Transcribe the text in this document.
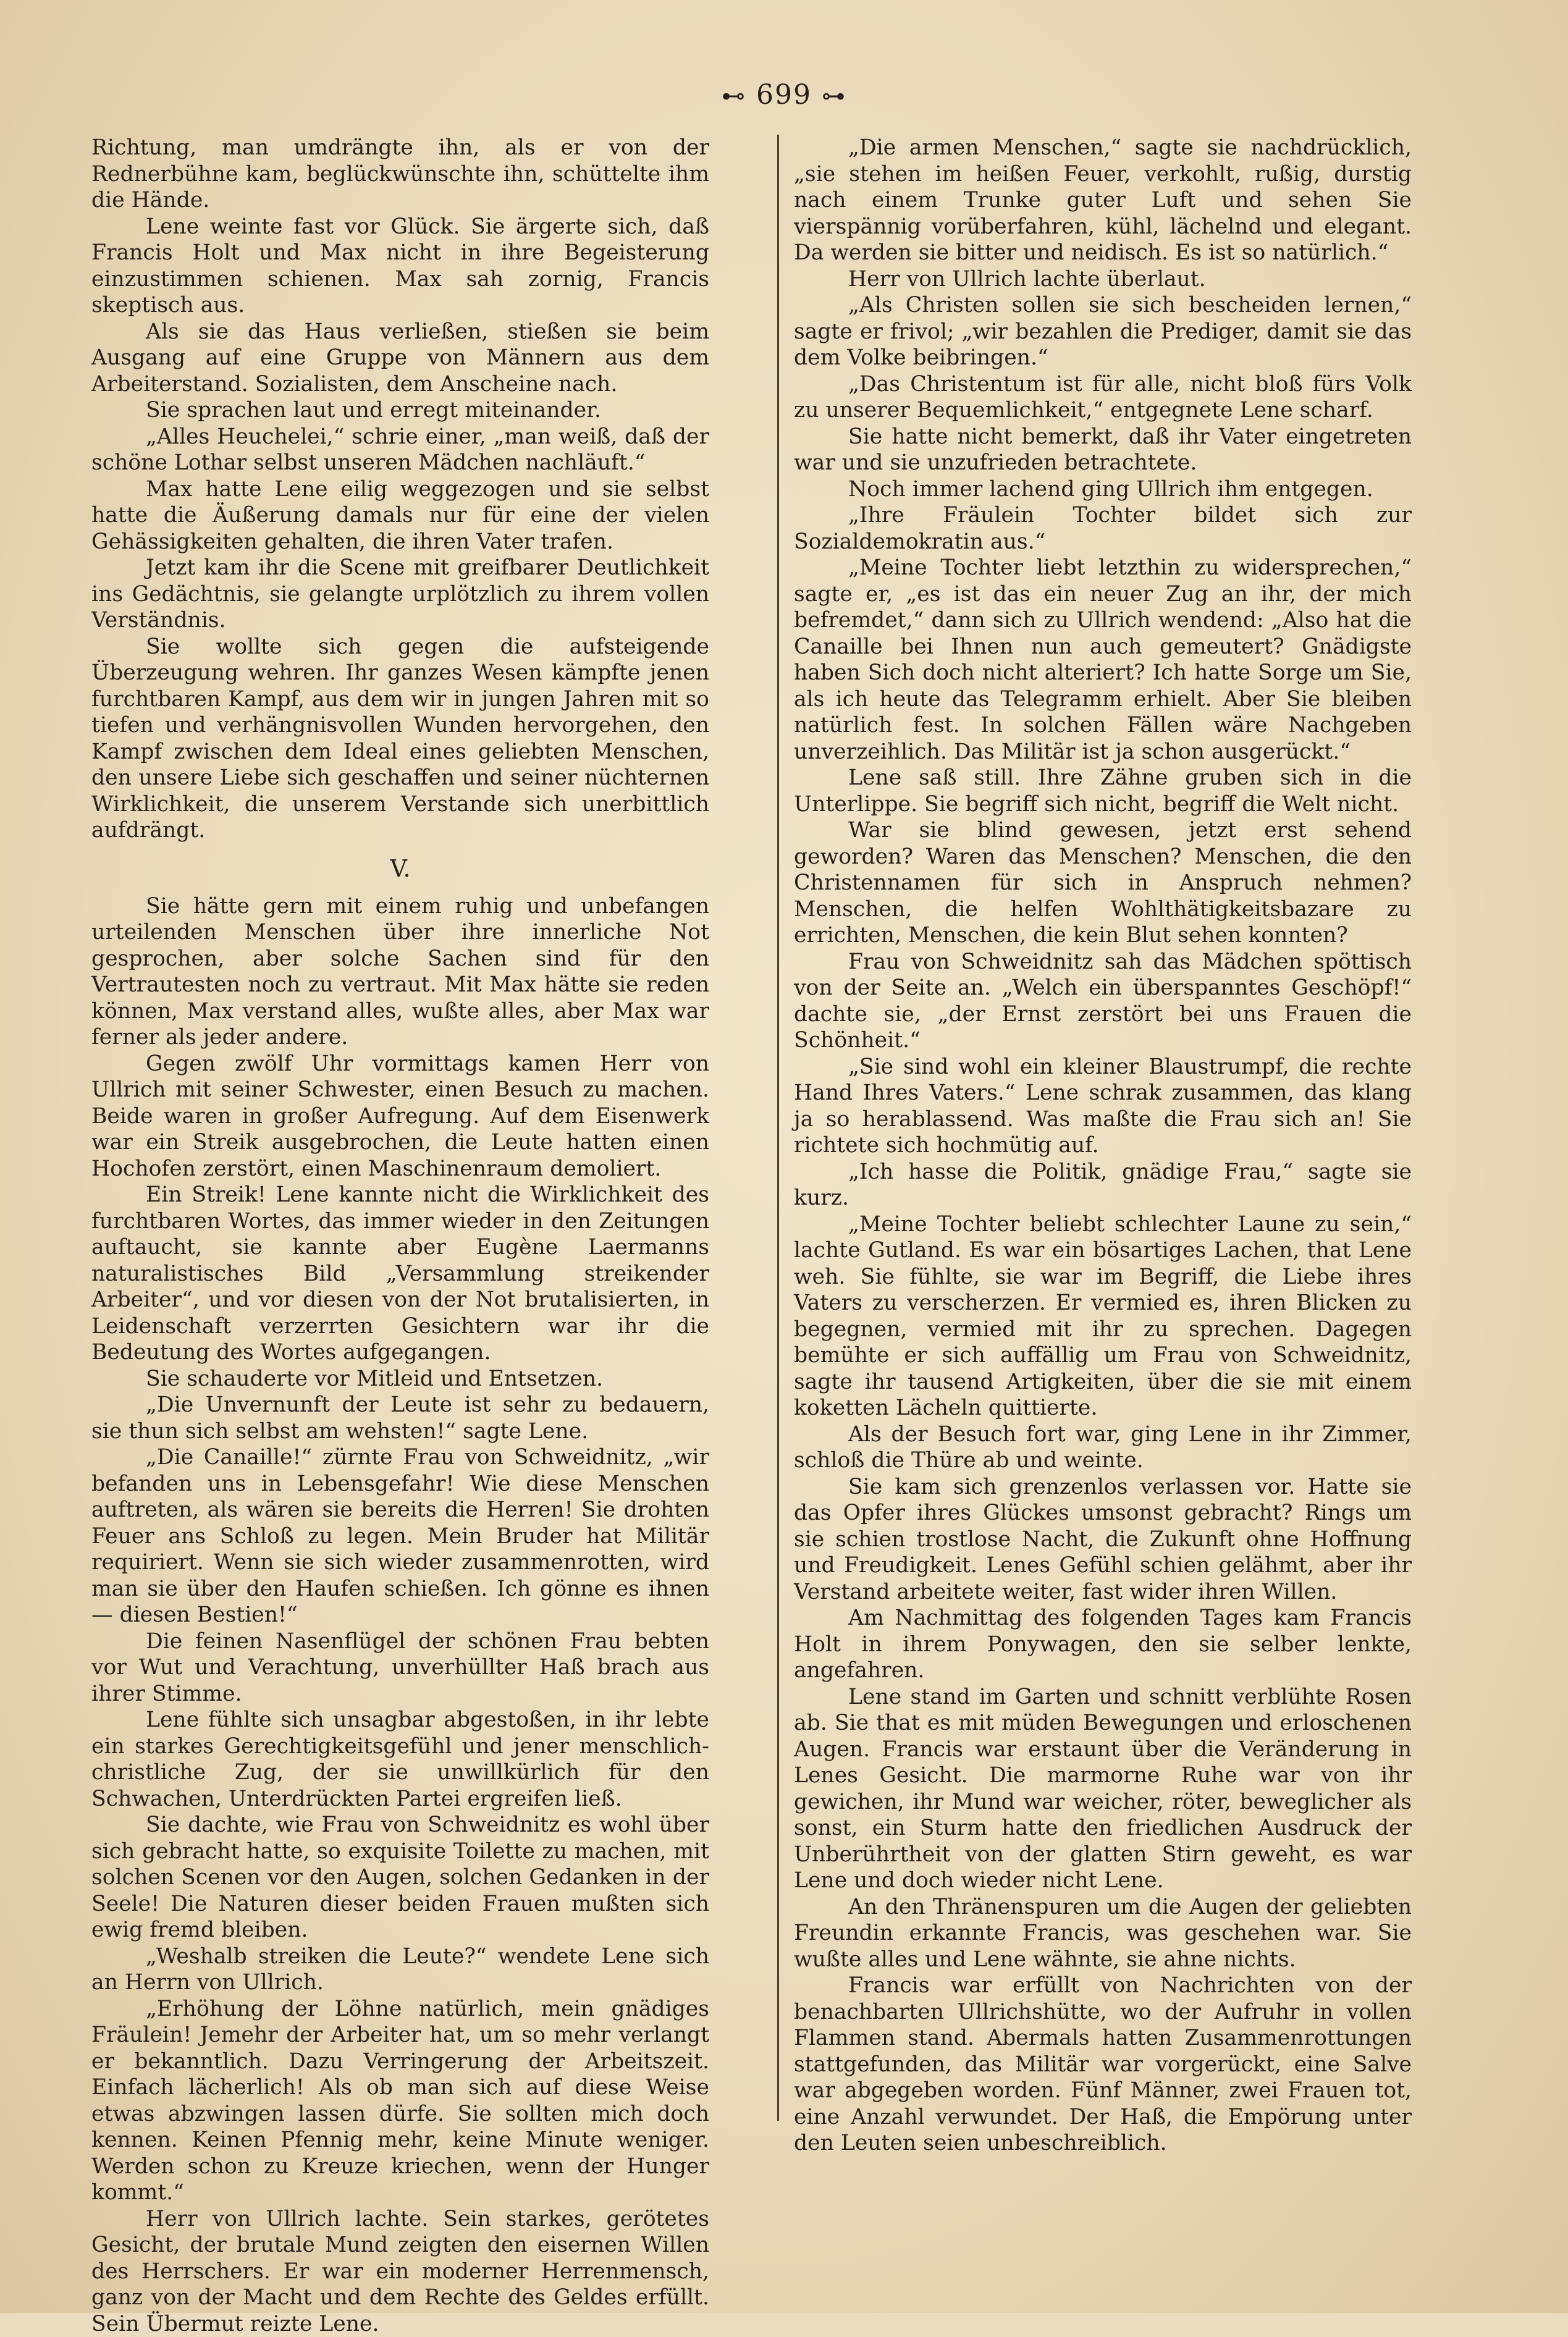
⊷ 699 ⊶

Richtung, man umdrängte ihn, als er von der Rednerbühne kam, beglückwünschte ihn, schüttelte ihm die Hände.

Lene weinte fast vor Glück. Sie ärgerte sich, daß Francis Holt und Max nicht in ihre Begeisterung einzustimmen schienen. Max sah zornig, Francis skeptisch aus.

Als sie das Haus verließen, stießen sie beim Ausgang auf eine Gruppe von Männern aus dem Arbeiterstand. Sozialisten, dem Anscheine nach.

Sie sprachen laut und erregt miteinander.

„Alles Heuchelei,“ schrie einer, „man weiß, daß der schöne Lothar selbst unseren Mädchen nachläuft.“

Max hatte Lene eilig weggezogen und sie selbst hatte die Äußerung damals nur für eine der vielen Gehässigkeiten gehalten, die ihren Vater trafen.

Jetzt kam ihr die Scene mit greifbarer Deutlichkeit ins Gedächtnis, sie gelangte urplötzlich zu ihrem vollen Verständnis.

Sie wollte sich gegen die aufsteigende Überzeugung wehren. Ihr ganzes Wesen kämpfte jenen furchtbaren Kampf, aus dem wir in jungen Jahren mit so tiefen und verhängnisvollen Wunden hervorgehen, den Kampf zwischen dem Ideal eines geliebten Menschen, den unsere Liebe sich geschaffen und seiner nüchternen Wirklichkeit, die unserem Verstande sich unerbittlich aufdrängt.

V.

Sie hätte gern mit einem ruhig und unbefangen urteilenden Menschen über ihre innerliche Not gesprochen, aber solche Sachen sind für den Vertrautesten noch zu vertraut. Mit Max hätte sie reden können, Max verstand alles, wußte alles, aber Max war ferner als jeder andere.

Gegen zwölf Uhr vormittags kamen Herr von Ullrich mit seiner Schwester, einen Besuch zu machen. Beide waren in großer Aufregung. Auf dem Eisenwerk war ein Streik ausgebrochen, die Leute hatten einen Hochofen zerstört, einen Maschinenraum demoliert.

Ein Streik! Lene kannte nicht die Wirklichkeit des furchtbaren Wortes, das immer wieder in den Zeitungen auftaucht, sie kannte aber Eugène Laermanns naturalistisches Bild „Versammlung streikender Arbeiter“, und vor diesen von der Not brutalisierten, in Leidenschaft verzerrten Gesichtern war ihr die Bedeutung des Wortes aufgegangen.

Sie schauderte vor Mitleid und Entsetzen.

„Die Unvernunft der Leute ist sehr zu bedauern, sie thun sich selbst am wehsten!“ sagte Lene.

„Die Canaille!“ zürnte Frau von Schweidnitz, „wir befanden uns in Lebensgefahr! Wie diese Menschen auftreten, als wären sie bereits die Herren! Sie drohten Feuer ans Schloß zu legen. Mein Bruder hat Militär requiriert. Wenn sie sich wieder zusammenrotten, wird man sie über den Haufen schießen. Ich gönne es ihnen — diesen Bestien!“

Die feinen Nasenflügel der schönen Frau bebten vor Wut und Verachtung, unverhüllter Haß brach aus ihrer Stimme.

Lene fühlte sich unsagbar abgestoßen, in ihr lebte ein starkes Gerechtigkeitsgefühl und jener menschlich-christliche Zug, der sie unwillkürlich für den Schwachen, Unterdrückten Partei ergreifen ließ.

Sie dachte, wie Frau von Schweidnitz es wohl über sich gebracht hatte, so exquisite Toilette zu machen, mit solchen Scenen vor den Augen, solchen Gedanken in der Seele! Die Naturen dieser beiden Frauen mußten sich ewig fremd bleiben.

„Weshalb streiken die Leute?“ wendete Lene sich an Herrn von Ullrich.

„Erhöhung der Löhne natürlich, mein gnädiges Fräulein! Jemehr der Arbeiter hat, um so mehr verlangt er bekanntlich. Dazu Verringerung der Arbeitszeit. Einfach lächerlich! Als ob man sich auf diese Weise etwas abzwingen lassen dürfe. Sie sollten mich doch kennen. Keinen Pfennig mehr, keine Minute weniger. Werden schon zu Kreuze kriechen, wenn der Hunger kommt.“

Herr von Ullrich lachte. Sein starkes, gerötetes Gesicht, der brutale Mund zeigten den eisernen Willen des Herrschers. Er war ein moderner Herrenmensch, ganz von der Macht und dem Rechte des Geldes erfüllt. Sein Übermut reizte Lene.

„Die armen Menschen,“ sagte sie nachdrücklich, „sie stehen im heißen Feuer, verkohlt, rußig, durstig nach einem Trunke guter Luft und sehen Sie vierspännig vorüberfahren, kühl, lächelnd und elegant. Da werden sie bitter und neidisch. Es ist so natürlich.“

Herr von Ullrich lachte überlaut.

„Als Christen sollen sie sich bescheiden lernen,“ sagte er frivol; „wir bezahlen die Prediger, damit sie das dem Volke beibringen.“

„Das Christentum ist für alle, nicht bloß fürs Volk zu unserer Bequemlichkeit,“ entgegnete Lene scharf.

Sie hatte nicht bemerkt, daß ihr Vater eingetreten war und sie unzufrieden betrachtete.

Noch immer lachend ging Ullrich ihm entgegen.

„Ihre Fräulein Tochter bildet sich zur Sozialdemokratin aus.“

„Meine Tochter liebt letzthin zu widersprechen,“ sagte er, „es ist das ein neuer Zug an ihr, der mich befremdet,“ dann sich zu Ullrich wendend: „Also hat die Canaille bei Ihnen nun auch gemeutert? Gnädigste haben Sich doch nicht alteriert? Ich hatte Sorge um Sie, als ich heute das Telegramm erhielt. Aber Sie bleiben natürlich fest. In solchen Fällen wäre Nachgeben unverzeihlich. Das Militär ist ja schon ausgerückt.“

Lene saß still. Ihre Zähne gruben sich in die Unterlippe. Sie begriff sich nicht, begriff die Welt nicht.

War sie blind gewesen, jetzt erst sehend geworden? Waren das Menschen? Menschen, die den Christennamen für sich in Anspruch nehmen? Menschen, die helfen Wohlthätigkeitsbazare zu errichten, Menschen, die kein Blut sehen konnten?

Frau von Schweidnitz sah das Mädchen spöttisch von der Seite an. „Welch ein überspanntes Geschöpf!“ dachte sie, „der Ernst zerstört bei uns Frauen die Schönheit.“

„Sie sind wohl ein kleiner Blaustrumpf, die rechte Hand Ihres Vaters.“ Lene schrak zusammen, das klang ja so herablassend. Was maßte die Frau sich an! Sie richtete sich hochmütig auf.

„Ich hasse die Politik, gnädige Frau,“ sagte sie kurz.

„Meine Tochter beliebt schlechter Laune zu sein,“ lachte Gutland. Es war ein bösartiges Lachen, that Lene weh. Sie fühlte, sie war im Begriff, die Liebe ihres Vaters zu verscherzen. Er vermied es, ihren Blicken zu begegnen, vermied mit ihr zu sprechen. Dagegen bemühte er sich auffällig um Frau von Schweidnitz, sagte ihr tausend Artigkeiten, über die sie mit einem koketten Lächeln quittierte.

Als der Besuch fort war, ging Lene in ihr Zimmer, schloß die Thüre ab und weinte.

Sie kam sich grenzenlos verlassen vor. Hatte sie das Opfer ihres Glückes umsonst gebracht? Rings um sie schien trostlose Nacht, die Zukunft ohne Hoffnung und Freudigkeit. Lenes Gefühl schien gelähmt, aber ihr Verstand arbeitete weiter, fast wider ihren Willen.

Am Nachmittag des folgenden Tages kam Francis Holt in ihrem Ponywagen, den sie selber lenkte, angefahren.

Lene stand im Garten und schnitt verblühte Rosen ab. Sie that es mit müden Bewegungen und erloschenen Augen. Francis war erstaunt über die Veränderung in Lenes Gesicht. Die marmorne Ruhe war von ihr gewichen, ihr Mund war weicher, röter, beweglicher als sonst, ein Sturm hatte den friedlichen Ausdruck der Unberührtheit von der glatten Stirn geweht, es war Lene und doch wieder nicht Lene.

An den Thränenspuren um die Augen der geliebten Freundin erkannte Francis, was geschehen war. Sie wußte alles und Lene wähnte, sie ahne nichts.

Francis war erfüllt von Nachrichten von der benachbarten Ullrichshütte, wo der Aufruhr in vollen Flammen stand. Abermals hatten Zusammenrottungen stattgefunden, das Militär war vorgerückt, eine Salve war abgegeben worden. Fünf Männer, zwei Frauen tot, eine Anzahl verwundet. Der Haß, die Empörung unter den Leuten seien unbeschreiblich.
